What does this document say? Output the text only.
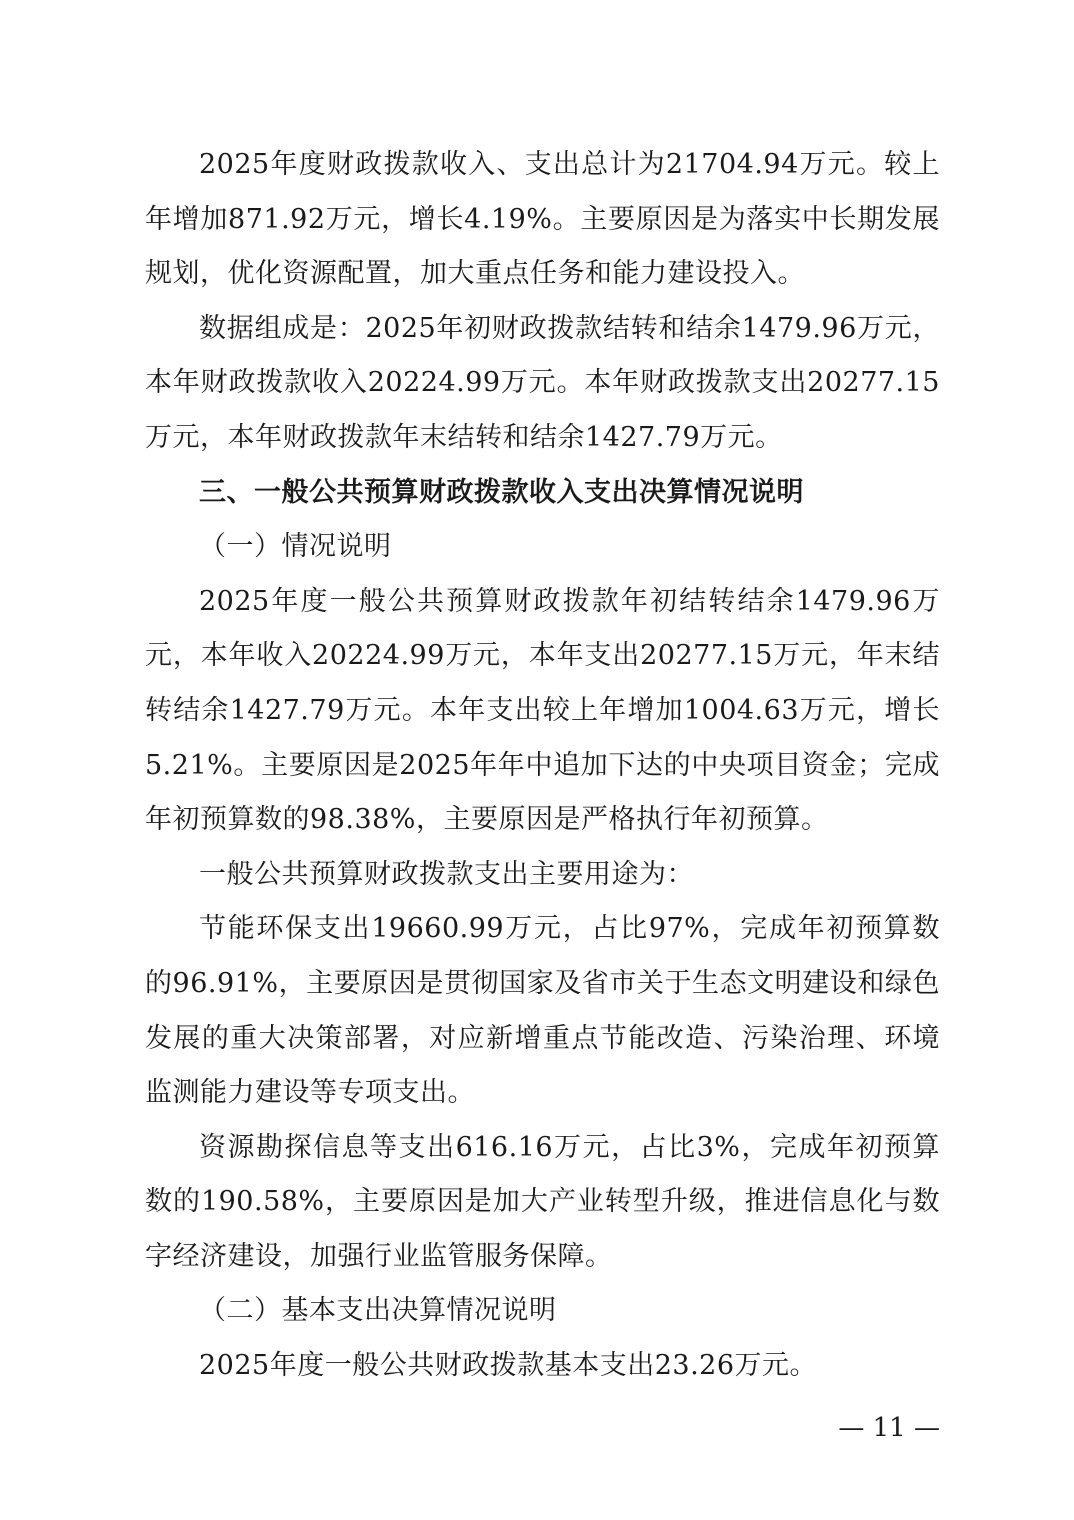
2025年度财政拨款收入、支出总计为21704.94万元。较上年增加871.92万元，增长4.19%。主要原因是为落实中长期发展规划，优化资源配置，加大重点任务和能力建设投入。

数据组成是：2025年初财政拨款结转和结余1479.96万元，本年财政拨款收入20224.99万元。本年财政拨款支出20277.15万元，本年财政拨款年末结转和结余1427.79万元。

三、一般公共预算财政拨款收入支出决算情况说明

（一）情况说明

2025年度一般公共预算财政拨款年初结转结余1479.96万元，本年收入20224.99万元，本年支出20277.15万元，年末结转结余1427.79万元。本年支出较上年增加1004.63万元，增长5.21%。主要原因是2025年年中追加下达的中央项目资金；完成年初预算数的98.38%，主要原因是严格执行年初预算。

一般公共预算财政拨款支出主要用途为：

节能环保支出19660.99万元，占比97%，完成年初预算数的96.91%，主要原因是贯彻国家及省市关于生态文明建设和绿色发展的重大决策部署，对应新增重点节能改造、污染治理、环境监测能力建设等专项支出。

资源勘探信息等支出616.16万元，占比3%，完成年初预算数的190.58%，主要原因是加大产业转型升级，推进信息化与数字经济建设，加强行业监管服务保障。

（二）基本支出决算情况说明

2025年度一般公共财政拨款基本支出23.26万元。

— 11 —
